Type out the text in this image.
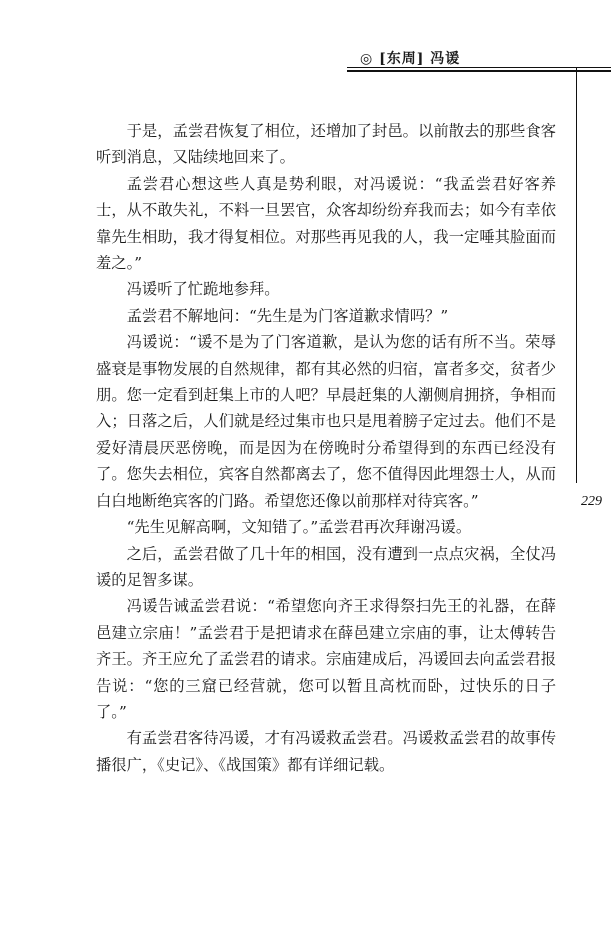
◎ [东周] 冯谖
229

于是，孟尝君恢复了相位，还增加了封邑。以前散去的那些食客听到消息，又陆续地回来了。

孟尝君心想这些人真是势利眼，对冯谖说：“我孟尝君好客养士，从不敢失礼，不料一旦罢官，众客却纷纷弃我而去；如今有幸依靠先生相助，我才得复相位。对那些再见我的人，我一定唾其脸面而羞之。”

冯谖听了忙跪地参拜。

孟尝君不解地问：“先生是为门客道歉求情吗？”

冯谖说：“谖不是为了门客道歉，是认为您的话有所不当。荣辱盛衰是事物发展的自然规律，都有其必然的归宿，富者多交，贫者少朋。您一定看到赶集上市的人吧？早晨赶集的人潮侧肩拥挤，争相而入；日落之后，人们就是经过集市也只是甩着膀子定过去。他们不是爱好清晨厌恶傍晚，而是因为在傍晚时分希望得到的东西已经没有了。您失去相位，宾客自然都离去了，您不值得因此埋怨士人，从而白白地断绝宾客的门路。希望您还像以前那样对待宾客。”

“先生见解高啊，文知错了。”孟尝君再次拜谢冯谖。

之后，孟尝君做了几十年的相国，没有遭到一点点灾祸，全仗冯谖的足智多谋。

冯谖告诫孟尝君说：“希望您向齐王求得祭扫先王的礼器，在薛邑建立宗庙！”孟尝君于是把请求在薛邑建立宗庙的事，让太傅转告齐王。齐王应允了孟尝君的请求。宗庙建成后，冯谖回去向孟尝君报告说：“您的三窟已经营就，您可以暂且高枕而卧，过快乐的日子了。”

有孟尝君客待冯谖，才有冯谖救孟尝君。冯谖救孟尝君的故事传播很广，《史记》、《战国策》都有详细记载。
